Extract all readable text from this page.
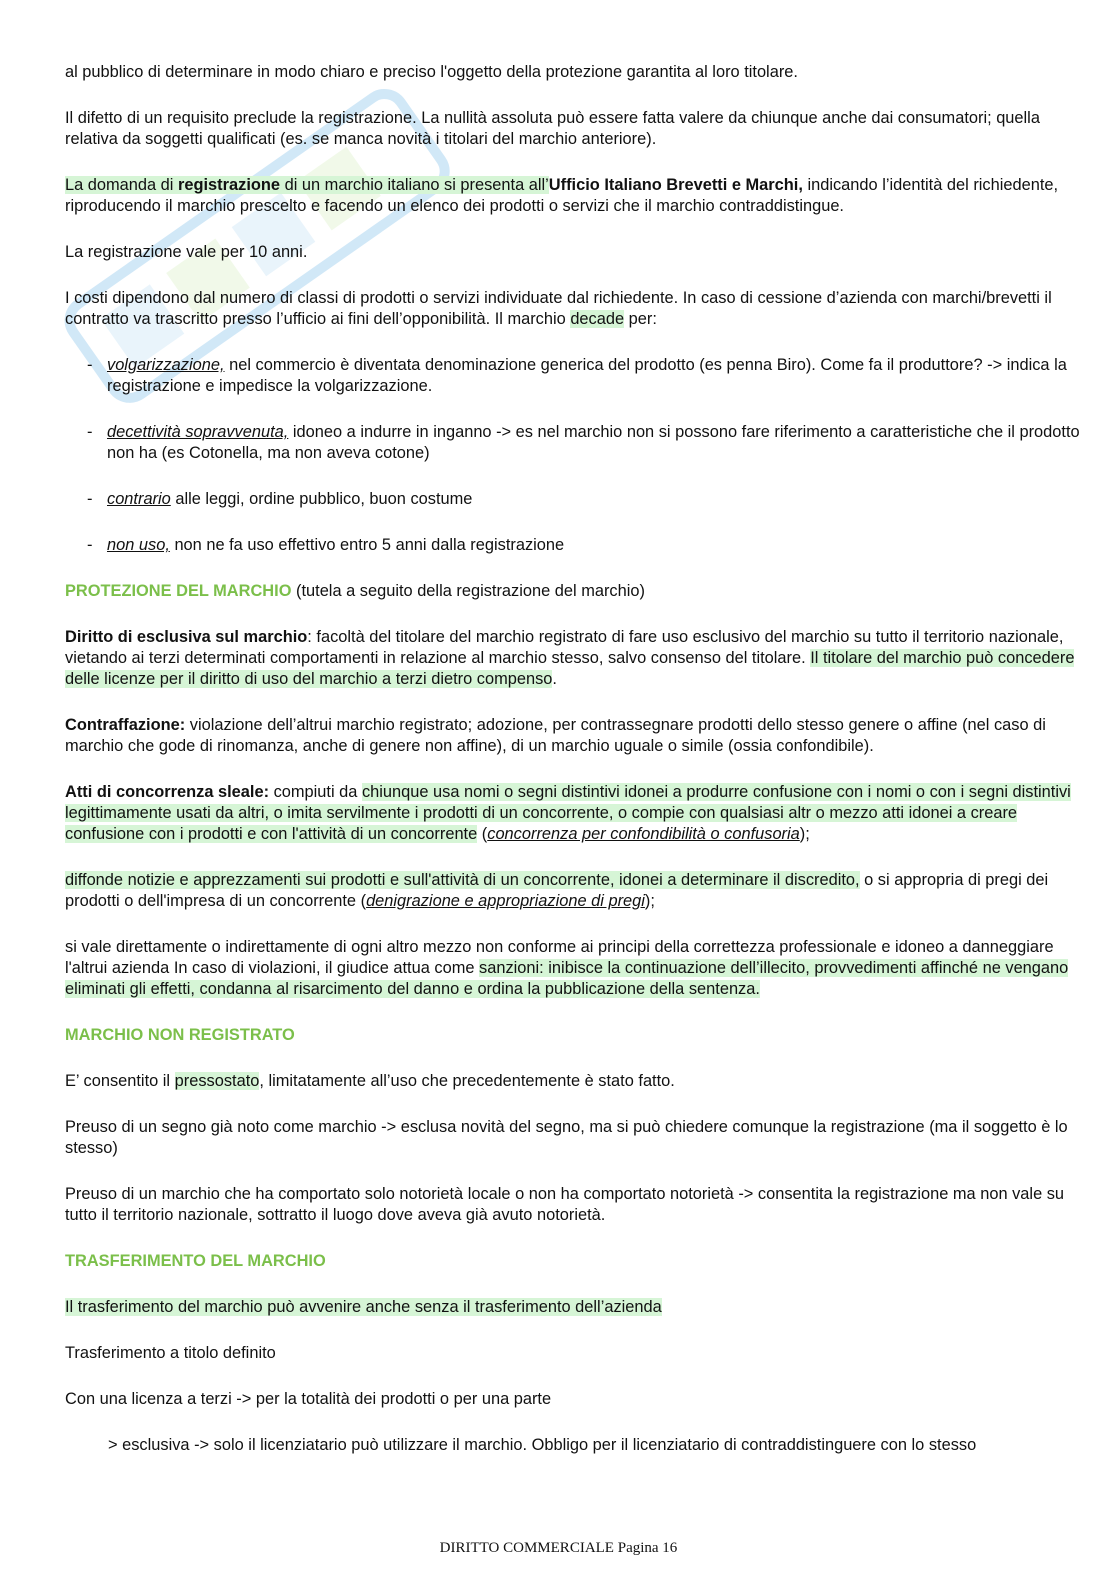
al pubblico di determinare in modo chiaro e preciso l'oggetto della protezione garantita al loro titolare.

Il difetto di un requisito preclude la registrazione. La nullità assoluta può essere fatta valere da chiunque anche dai consumatori; quella relativa da soggetti qualificati (es. se manca novità i titolari del marchio anteriore).

La domanda di registrazione di un marchio italiano si presenta all’Ufficio Italiano Brevetti e Marchi, indicando l’identità del richiedente, riproducendo il marchio prescelto e facendo un elenco dei prodotti o servizi che il marchio contraddistingue.

La registrazione vale per 10 anni.

I costi dipendono dal numero di classi di prodotti o servizi individuate dal richiedente. In caso di cessione d’azienda con marchi/brevetti il contratto va trascritto presso l’ufficio ai fini dell’opponibilità. Il marchio decade per:

- volgarizzazione, nel commercio è diventata denominazione generica del prodotto (es penna Biro). Come fa il produttore? -> indica la registrazione e impedisce la volgarizzazione.
- decettività sopravvenuta, idoneo a indurre in inganno -> es nel marchio non si possono fare riferimento a caratteristiche che il prodotto non ha (es Cotonella, ma non aveva cotone)
- contrario alle leggi, ordine pubblico, buon costume
- non uso, non ne fa uso effettivo entro 5 anni dalla registrazione

PROTEZIONE DEL MARCHIO (tutela a seguito della registrazione del marchio)

Diritto di esclusiva sul marchio: facoltà del titolare del marchio registrato di fare uso esclusivo del marchio su tutto il territorio nazionale, vietando ai terzi determinati comportamenti in relazione al marchio stesso, salvo consenso del titolare. Il titolare del marchio può concedere delle licenze per il diritto di uso del marchio a terzi dietro compenso.

Contraffazione: violazione dell’altrui marchio registrato; adozione, per contrassegnare prodotti dello stesso genere o affine (nel caso di marchio che gode di rinomanza, anche di genere non affine), di un marchio uguale o simile (ossia confondibile).

Atti di concorrenza sleale: compiuti da chiunque usa nomi o segni distintivi idonei a produrre confusione con i nomi o con i segni distintivi legittimamente usati da altri, o imita servilmente i prodotti di un concorrente, o compie con qualsiasi altr o mezzo atti idonei a creare confusione con i prodotti e con l'attività di un concorrente (concorrenza per confondibilità o confusoria);

diffonde notizie e apprezzamenti sui prodotti e sull'attività di un concorrente, idonei a determinare il discredito, o si appropria di pregi dei prodotti o dell'impresa di un concorrente (denigrazione e appropriazione di pregi);

si vale direttamente o indirettamente di ogni altro mezzo non conforme ai principi della correttezza professionale e idoneo a danneggiare l'altrui azienda In caso di violazioni, il giudice attua come sanzioni: inibisce la continuazione dell’illecito, provvedimenti affinché ne vengano eliminati gli effetti, condanna al risarcimento del danno e ordina la pubblicazione della sentenza.

MARCHIO NON REGISTRATO

E’ consentito il pressostato, limitatamente all’uso che precedentemente è stato fatto.

Preuso di un segno già noto come marchio -> esclusa novità del segno, ma si può chiedere comunque la registrazione (ma il soggetto è lo stesso)

Preuso di un marchio che ha comportato solo notorietà locale o non ha comportato notorietà -> consentita la registrazione ma non vale su tutto il territorio nazionale, sottratto il luogo dove aveva già avuto notorietà.

TRASFERIMENTO DEL MARCHIO

Il trasferimento del marchio può avvenire anche senza il trasferimento dell’azienda

Trasferimento a titolo definito

Con una licenza a terzi -> per la totalità dei prodotti o per una parte

> esclusiva -> solo il licenziatario può utilizzare il marchio. Obbligo per il licenziatario di contraddistinguere con lo stesso

DIRITTO COMMERCIALE Pagina 16
